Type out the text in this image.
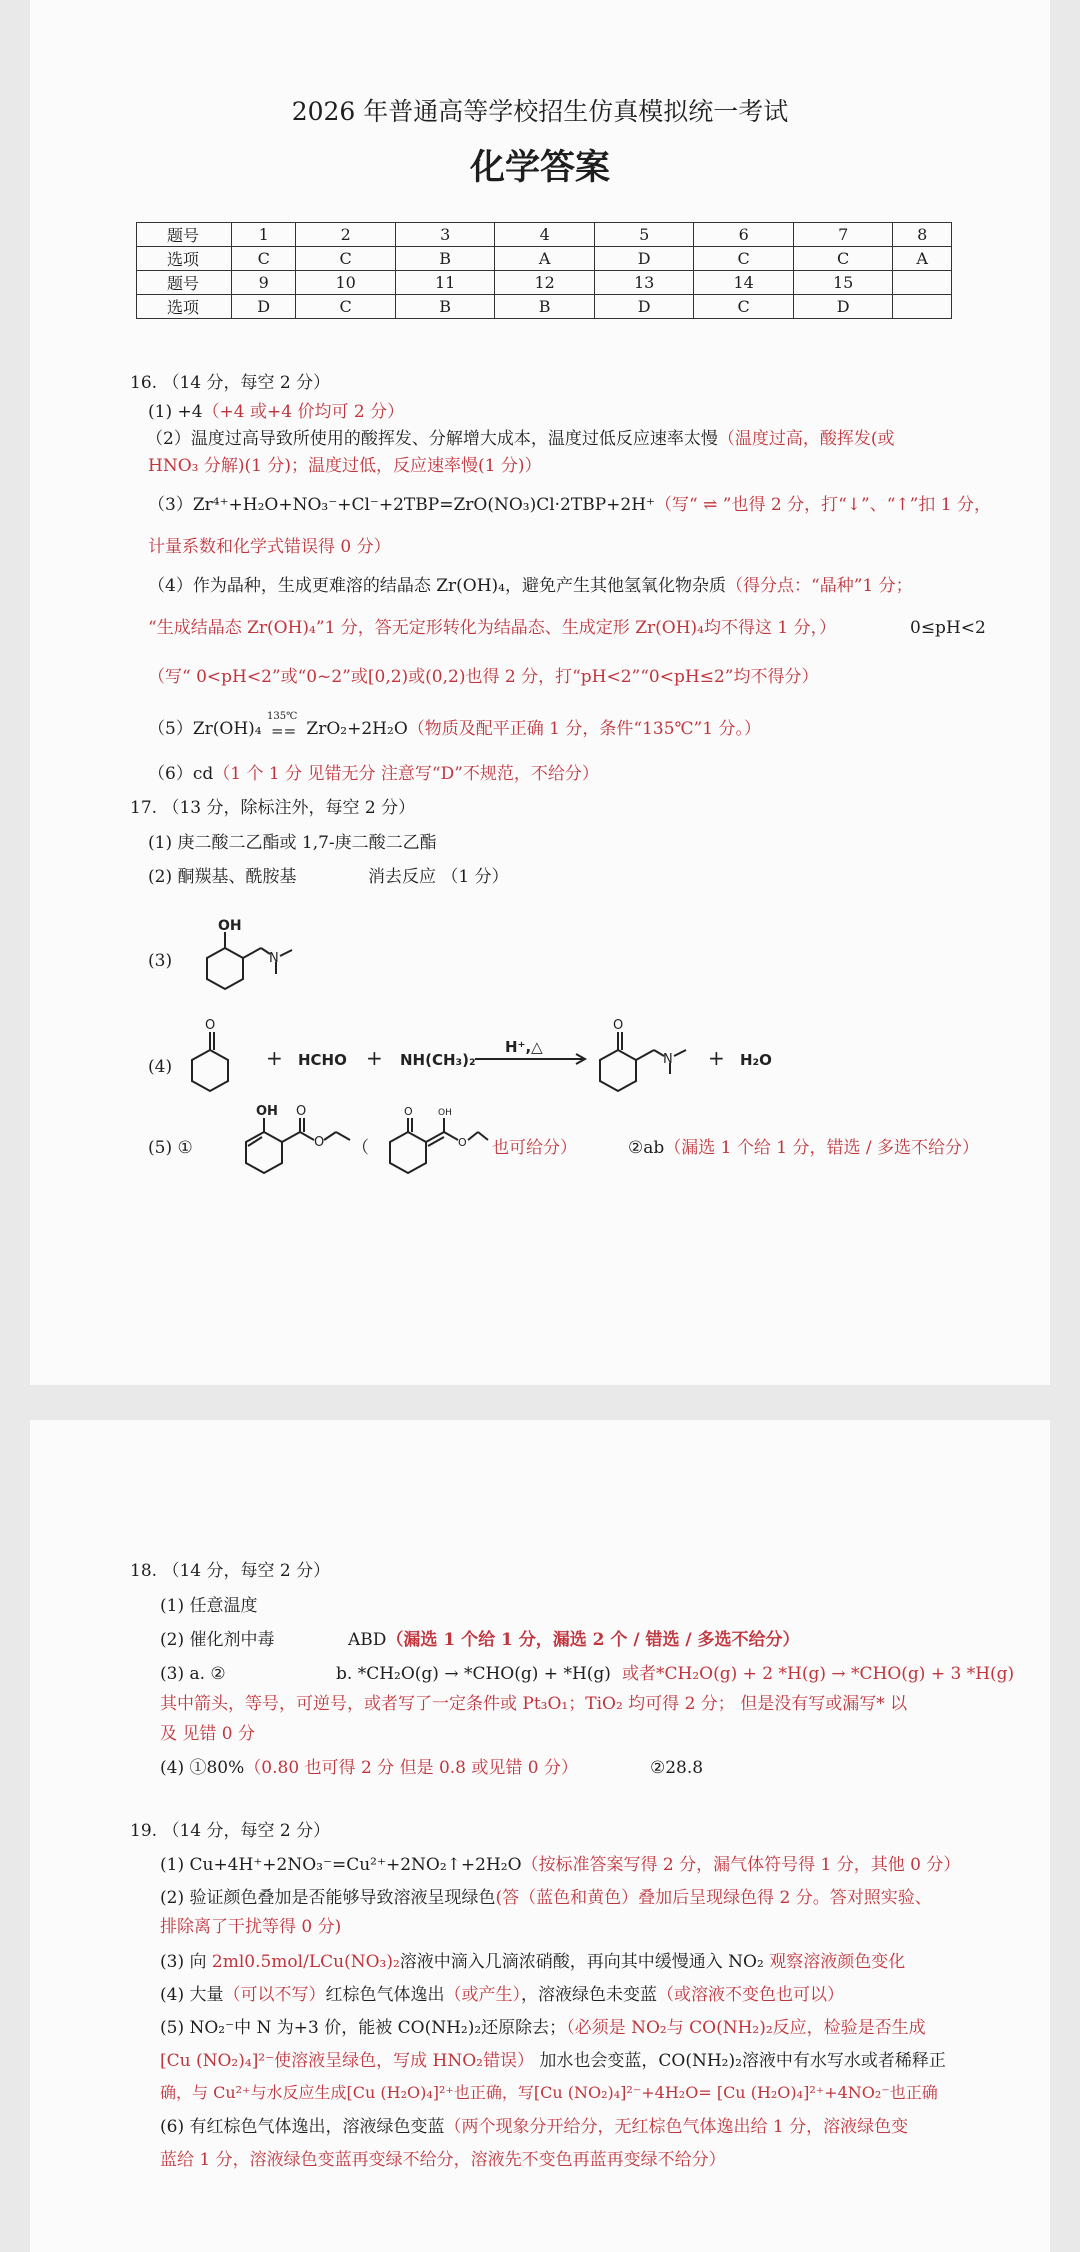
2026 年普通高等学校招生仿真模拟统一考试
化学答案
题号	1	2	3	4	5	6	7	8
选项	C	C	B	A	D	C	C	A
题号	9	10	11	12	13	14	15	
选项	D	C	B	B	D	C	D	
16. （14 分，每空 2 分）
(1) +4（+4 或+4 价均可 2 分）
（2）温度过高导致所使用的酸挥发、分解增大成本，温度过低反应速率太慢（温度过高，酸挥发(或
HNO₃ 分解)(1 分)；温度过低，反应速率慢(1 分)）
（3）Zr⁴⁺+H₂O+NO₃⁻+Cl⁻+2TBP=ZrO(NO₃)Cl·2TBP+2H⁺（写“ ⇌ ”也得 2 分，打“↓”、“↑”扣 1 分，
计量系数和化学式错误得 0 分）
（4）作为晶种，生成更难溶的结晶态 Zr(OH)₄，避免产生其他氢氧化物杂质（得分点：“晶种”1 分；
“生成结晶态 Zr(OH)₄”1 分，答无定形转化为结晶态、生成定形 Zr(OH)₄均不得这 1 分，）	0≤pH<2
（写“ 0<pH<2”或“0~2”或[0,2)或(0,2)也得 2 分，打“pH<2”“0<pH≤2”均不得分）
（5）Zr(OH)₄
135℃
== ZrO₂+2H₂O（物质及配平正确 1 分，条件“135℃”1 分。）
（6）cd（1 个 1 分 见错无分 注意写“D”不规范，不给分）
17. （13 分，除标注外，每空 2 分）
(1) 庚二酸二乙酯或 1,7-庚二酸二乙酯
(2) 酮羰基、酰胺基	消去反应 （1 分）
(3)
OH
N
(4)
O
+ HCHO + NH(CH₃)₂
H⁺,△
O
N + H₂O
(5) ①
OH O
O （
O	OH
O 也可给分）	②ab（漏选 1 个给 1 分，错选 / 多选不给分）
18. （14 分，每空 2 分）
(1) 任意温度
(2) 催化剂中毒	ABD（漏选 1 个给 1 分，漏选 2 个 / 错选 / 多选不给分）
(3) a. ②	b. *CH₂O(g) → *CHO(g) + *H(g) 或者*CH₂O(g) + 2 *H(g) → *CHO(g) + 3 *H(g)
其中箭头，等号，可逆号，或者写了一定条件或 Pt₃O₁；TiO₂ 均可得 2 分； 但是没有写或漏写* 以
及 见错 0 分
(4) ①80%（0.80 也可得 2 分 但是 0.8 或见错 0 分）	②28.8
19. （14 分，每空 2 分）
(1) Cu+4H⁺+2NO₃⁻=Cu²⁺+2NO₂↑+2H₂O（按标准答案写得 2 分，漏气体符号得 1 分，其他 0 分）
(2) 验证颜色叠加是否能够导致溶液呈现绿色(答（蓝色和黄色）叠加后呈现绿色得 2 分。答对照实验、
排除离了干扰等得 0 分)
(3) 向 2ml0.5mol/LCu(NO₃)₂溶液中滴入几滴浓硝酸，再向其中缓慢通入 NO₂ 观察溶液颜色变化
(4) 大量（可以不写）红棕色气体逸出（或产生），溶液绿色未变蓝（或溶液不变色也可以）
(5) NO₂⁻中 N 为+3 价，能被 CO(NH₂)₂还原除去；（必须是 NO₂与 CO(NH₂)₂反应，检验是否生成
[Cu (NO₂)₄]²⁻使溶液呈绿色，写成 HNO₂错误） 加水也会变蓝，CO(NH₂)₂溶液中有水写水或者稀释正
确，与 Cu²⁺与水反应生成[Cu (H₂O)₄]²⁺也正确，写[Cu (NO₂)₄]²⁻+4H₂O= [Cu (H₂O)₄]²⁺+4NO₂⁻也正确
(6) 有红棕色气体逸出，溶液绿色变蓝（两个现象分开给分，无红棕色气体逸出给 1 分，溶液绿色变
蓝给 1 分，溶液绿色变蓝再变绿不给分，溶液先不变色再蓝再变绿不给分）
